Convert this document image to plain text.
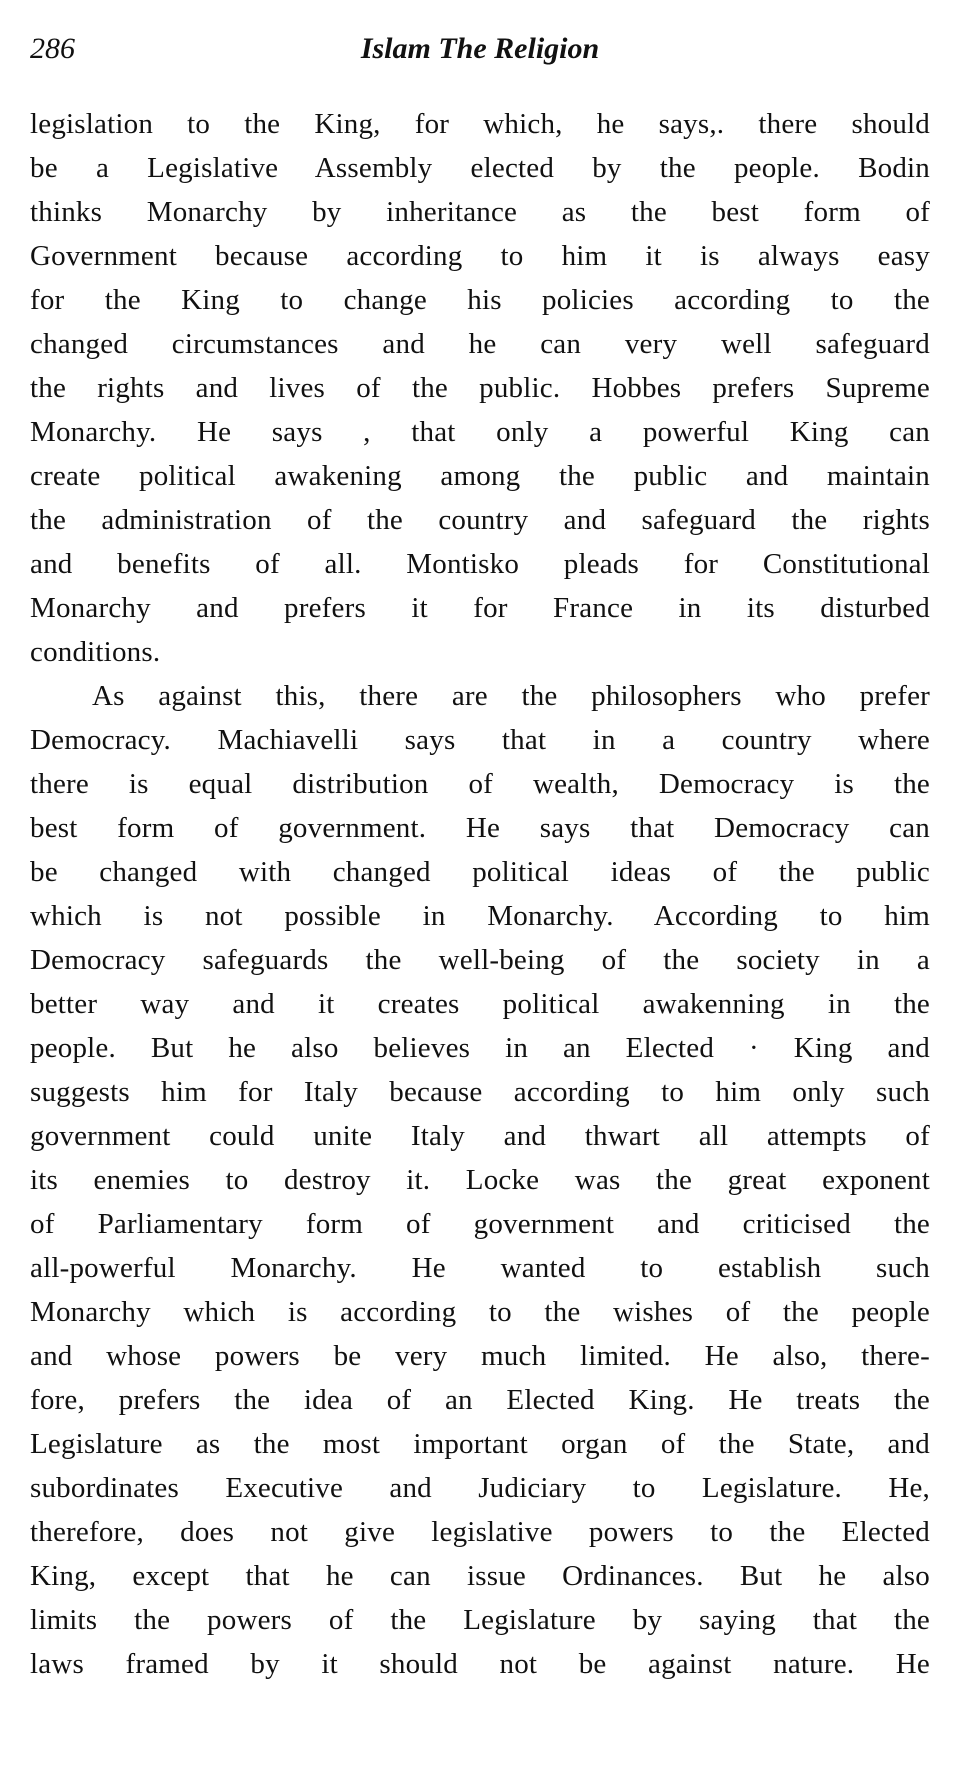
286	Islam The Religion
legislation to the King, for which, he says,. there should
be a Legislative Assembly elected by the people. Bodin
thinks Monarchy by inheritance as the best form of
Government because according to him it is always easy
for the King to change his policies according to the
changed circumstances and he can very well safeguard
the rights and lives of the public. Hobbes prefers Supreme
Monarchy. He says , that only a powerful King can
create political awakening among the public and maintain
the administration of the country and safeguard the rights
and benefits of all. Montisko pleads for Constitutional
Monarchy and prefers it for France in its disturbed
conditions.
As against this, there are the philosophers who prefer
Democracy. Machiavelli says that in a country where
there is equal distribution of wealth, Democracy is the
best form of government. He says that Democracy can
be changed with changed political ideas of the public
which is not possible in Monarchy. According to him
Democracy safeguards the well-being of the society in a
better way and it creates political awakenning in the
people. But he also believes in an Elected · King and
suggests him for Italy because according to him only such
government could unite Italy and thwart all attempts of
its enemies to destroy it. Locke was the great exponent
of Parliamentary form of government and criticised the
all-powerful Monarchy. He wanted to establish such
Monarchy which is according to the wishes of the people
and whose powers be very much limited. He also, there-
fore, prefers the idea of an Elected King. He treats the
Legislature as the most important organ of the State, and
subordinates Executive and Judiciary to Legislature. He,
therefore, does not give legislative powers to the Elected
King, except that he can issue Ordinances. But he also
limits the powers of the Legislature by saying that the
laws framed by it should not be against nature. He
